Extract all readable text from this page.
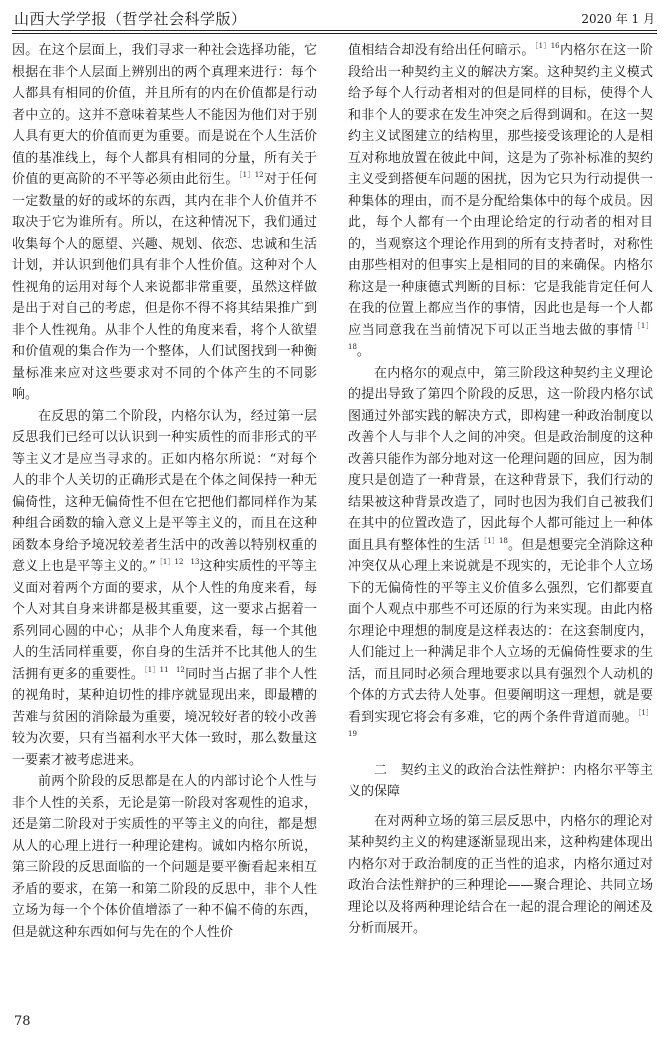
山西大学学报（哲学社会科学版）	2020 年 1 月

因。在这个层面上，我们寻求一种社会选择功能，它根据在非个人层面上辨别出的两个真理来进行：每个人都具有相同的价值，并且所有的内在价值都是行动者中立的。这并不意味着某些人不能因为他们对于别人具有更大的价值而更为重要。而是说在个人生活价值的基准线上，每个人都具有相同的分量，所有关于价值的更高阶的不平等必须由此衍生。$^{[1]12}$对于任何一定数量的好的或坏的东西，其内在非个人价值并不取决于它为谁所有。所以，在这种情况下，我们通过收集每个人的愿望、兴趣、规划、依恋、忠诚和生活计划，并认识到他们具有非个人性价值。这种对个人性视角的运用对每个人来说都非常重要，虽然这样做是出于对自己的考虑，但是你不得不将其结果推广到非个人性视角。从非个人性的角度来看，将个人欲望和价值观的集合作为一个整体，人们试图找到一种衡量标准来应对这些要求对不同的个体产生的不同影响。

在反思的第二个阶段，内格尔认为，经过第一层反思我们已经可以认识到一种实质性的而非形式的平等主义才是应当寻求的。正如内格尔所说：“对每个人的非个人关切的正确形式是在个体之间保持一种无偏倚性，这种无偏倚性不但在它把他们都同样作为某种组合函数的输入意义上是平等主义的，而且在这种函数本身给予境况较差者生活中的改善以特别权重的意义上也是平等主义的。”$^{[1]12 13}$这种实质性的平等主义面对着两个方面的要求，从个人性的角度来看，每个人对其自身来讲都是极其重要，这一要求占据着一系列同心圆的中心；从非个人角度来看，每一个其他人的生活同样重要，你自身的生活并不比其他人的生活拥有更多的重要性。$^{[1]11 12}$同时当占据了非个人性的视角时，某种迫切性的排序就显现出来，即最糟的苦难与贫困的消除最为重要，境况较好者的较小改善较为次要，只有当福利水平大体一致时，那么数量这一要素才被考虑进来。

前两个阶段的反思都是在人的内部讨论个人性与非个人性的关系，无论是第一阶段对客观性的追求，还是第二阶段对于实质性的平等主义的向往，都是想从人的心理上进行一种理论建构。诚如内格尔所说，第三阶段的反思面临的一个问题是要平衡看起来相互矛盾的要求，在第一和第二阶段的反思中，非个人性立场为每一个个体价值增添了一种不偏不倚的东西，但是就这种东西如何与先在的个人性价

值相结合却没有给出任何暗示。$^{[1]16}$内格尔在这一阶段给出一种契约主义的解决方案。这种契约主义模式给予每个人行动者相对的但是同样的目标，使得个人和非个人的要求在发生冲突之后得到调和。在这一契约主义试图建立的结构里，那些接受该理论的人是相互对称地放置在彼此中间，这是为了弥补标准的契约主义受到搭便车问题的困扰，因为它只为行动提供一种集体的理由，而不是分配给集体中的每个成员。因此，每个人都有一个由理论给定的行动者的相对目的，当观察这个理论作用到的所有支持者时，对称性由那些相对的但事实上是相同的目的来确保。内格尔称这是一种康德式判断的目标：它是我能肯定任何人在我的位置上都应当作的事情，因此也是每一个人都应当同意我在当前情况下可以正当地去做的事情$^{[1]18}$。

在内格尔的观点中，第三阶段这种契约主义理论的提出导致了第四个阶段的反思，这一阶段内格尔试图通过外部实践的解决方式，即构建一种政治制度以改善个人与非个人之间的冲突。但是政治制度的这种改善只能作为部分地对这一伦理问题的回应，因为制度只是创造了一种背景，在这种背景下，我们行动的结果被这种背景改造了，同时也因为我们自己被我们在其中的位置改造了，因此每个人都可能过上一种体面且具有整体性的生活$^{[1]18}$。但是想要完全消除这种冲突仅从心理上来说就是不现实的，无论非个人立场下的无偏倚性的平等主义价值多么强烈，它们都要直面个人观点中那些不可还原的行为来实现。由此内格尔理论中理想的制度是这样表达的：在这套制度内，人们能过上一种满足非个人立场的无偏倚性要求的生活，而且同时必须合理地要求以具有强烈个人动机的个体的方式去待人处事。但要阐明这一理想，就是要看到实现它将会有多难，它的两个条件背道而驰。$^{[1]19}$

二　契约主义的政治合法性辩护：内格尔平等主义的保障

在对两种立场的第三层反思中，内格尔的理论对某种契约主义的构建逐渐显现出来，这种构建体现出内格尔对于政治制度的正当性的追求，内格尔通过对政治合法性辩护的三种理论——聚合理论、共同立场理论以及将两种理论结合在一起的混合理论的阐述及分析而展开。

78
